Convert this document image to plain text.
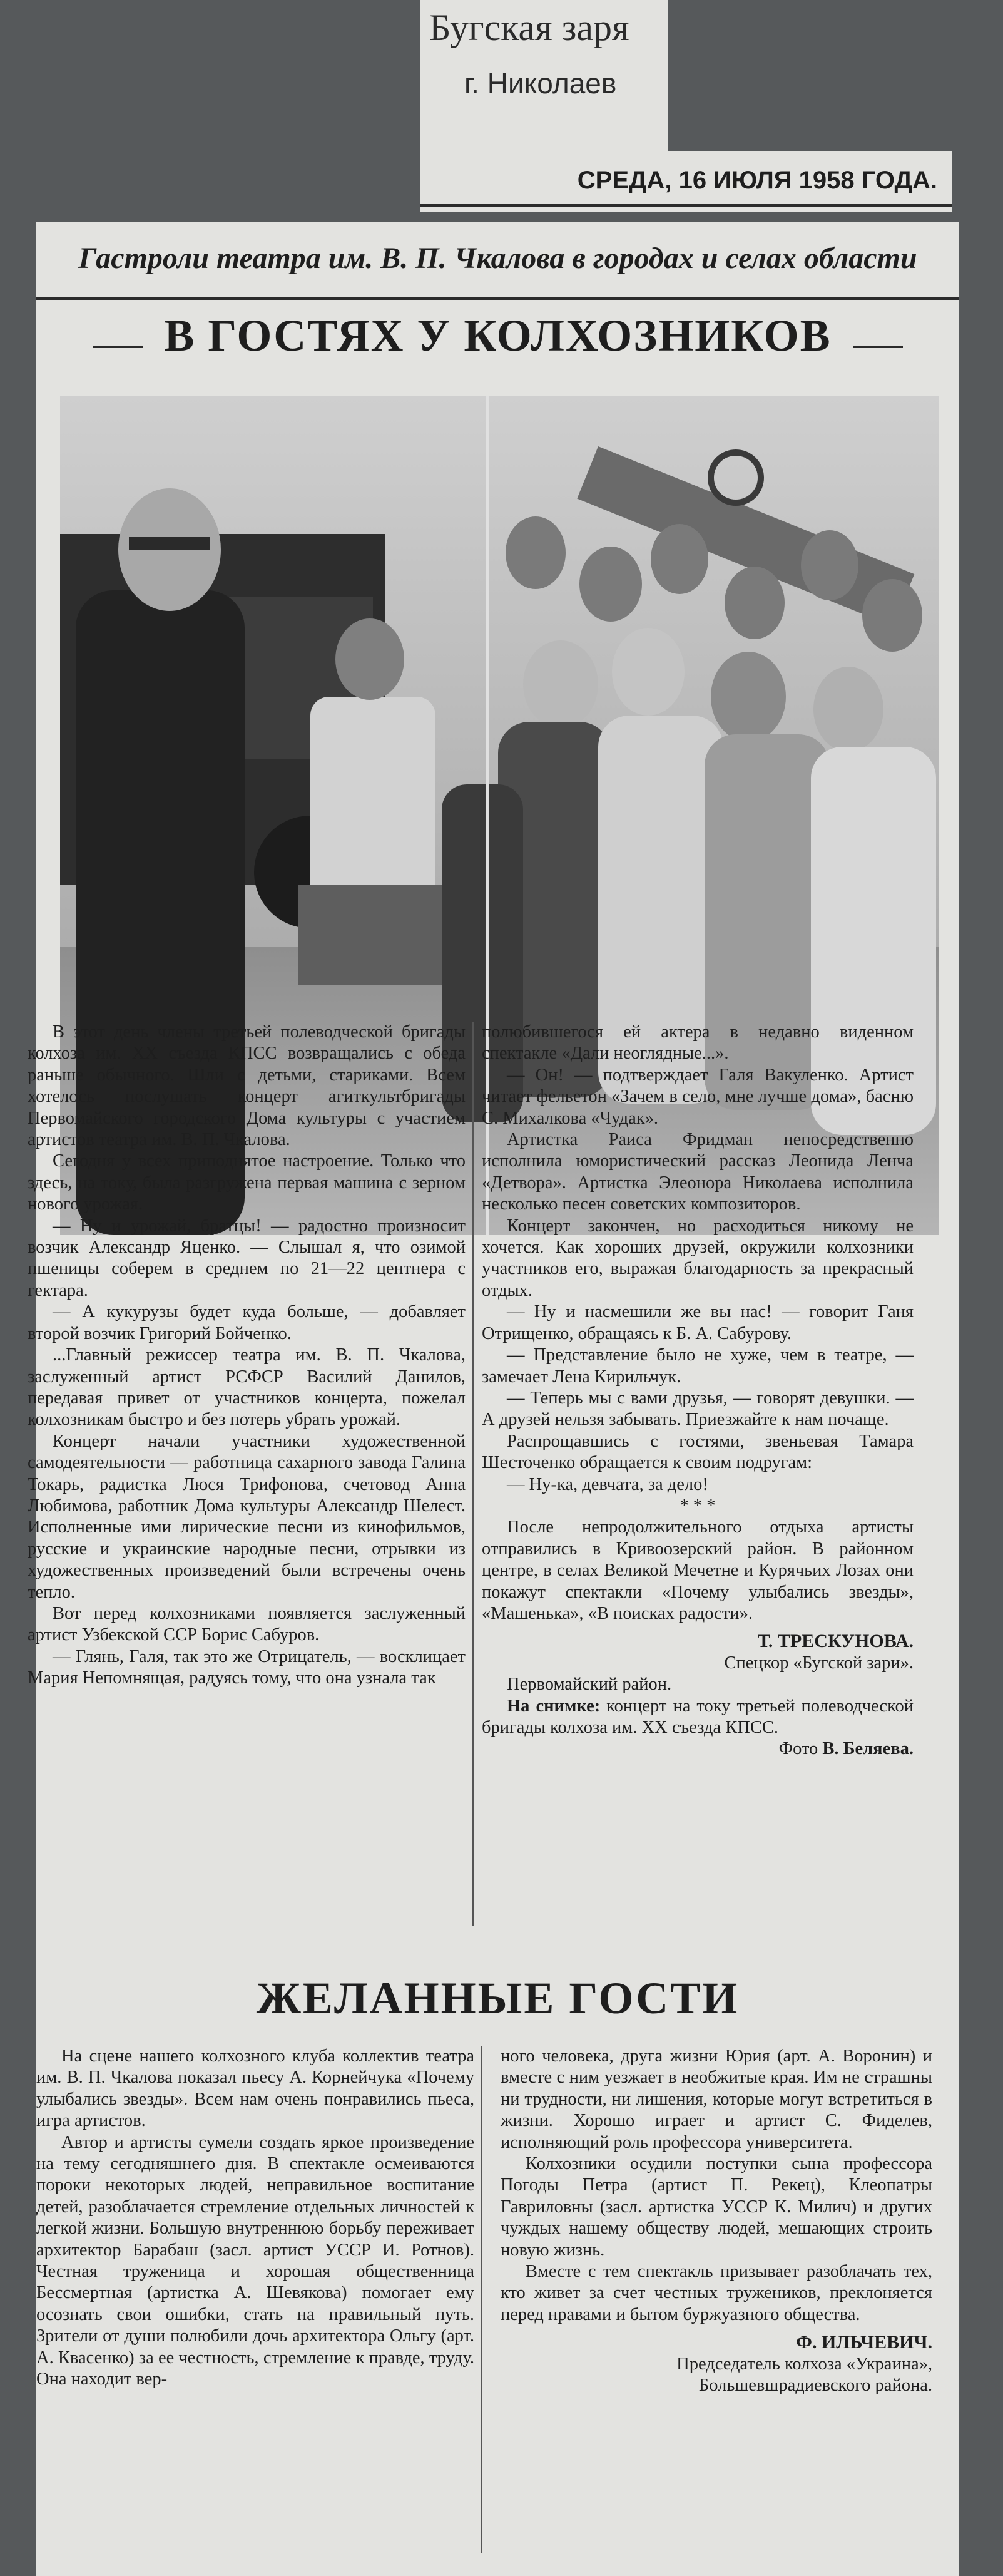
Бугская заря
г. Николаев
СРЕДА, 16 ИЮЛЯ 1958 ГОДА.
Гастроли театра им. В. П. Чкалова в городах и селах области
В ГОСТЯХ У КОЛХОЗНИКОВ

В этот день члены третьей полеводческой бригады колхоза им. ХХ съезда КПСС возвращались с обеда раньше обычного. Шли с детьми, стариками. Всем хотелось послушать концерт агиткультбригады Первомайского городского Дома культуры с участием артистов театра им. В. П. Чкалова.

Сегодня у всех приподнятое настроение. Только что здесь, на току, была разгружена первая машина с зерном нового урожая.

— Ну и урожай, братцы! — радостно произносит возчик Александр Яценко. — Слышал я, что озимой пшеницы соберем в среднем по 21—22 центнера с гектара.

— А кукурузы будет куда больше, — добавляет второй возчик Григорий Бойченко.

...Главный режиссер театра им. В. П. Чкалова, заслуженный артист РСФСР Василий Данилов, передавая привет от участников концерта, пожелал колхозникам быстро и без потерь убрать урожай.

Концерт начали участники художественной самодеятельности — работница сахарного завода Галина Токарь, радистка Люся Трифонова, счетовод Анна Любимова, работник Дома культуры Александр Шелест. Исполненные ими лирические песни из кинофильмов, русские и украинские народные песни, отрывки из художественных произведений были встречены очень тепло.

Вот перед колхозниками появляется заслуженный артист Узбекской ССР Борис Сабуров.

— Глянь, Галя, так это же Отрицатель, — восклицает Мария Непомнящая, радуясь тому, что она узнала так

полюбившегося ей актера в недавно виденном спектакле «Дали неоглядные...».

— Он! — подтверждает Галя Вакуленко. Артист читает фельетон «Зачем в село, мне лучше дома», басню С. Михалкова «Чудак».

Артистка Раиса Фридман непосредственно исполнила юмористический рассказ Леонида Ленча «Детвора». Артистка Элеонора Николаева исполнила несколько песен советских композиторов.

Концерт закончен, но расходиться никому не хочется. Как хороших друзей, окружили колхозники участников его, выражая благодарность за прекрасный отдых.

— Ну и насмешили же вы нас! — говорит Ганя Отрищенко, обращаясь к Б. А. Сабурову.

— Представление было не хуже, чем в театре, — замечает Лена Кирильчук.

— Теперь мы с вами друзья, — говорят девушки. — А друзей нельзя забывать. Приезжайте к нам почаще.

Распрощавшись с гостями, звеньевая Тамара Шесточенко обращается к своим подругам:

— Ну-ка, девчата, за дело!

* * *

После непродолжительного отдыха артисты отправились в Кривоозерский район. В районном центре, в селах Великой Мечетне и Курячьих Лозах они покажут спектакли «Почему улыбались звезды», «Машенька», «В поисках радости».

Т. ТРЕСКУНОВА.

Спецкор «Бугской зари».

Первомайский район.

На снимке: концерт на току третьей полеводческой бригады колхоза им. ХХ съезда КПСС.

Фото В. Беляева.

ЖЕЛАННЫЕ ГОСТИ

На сцене нашего колхозного клуба коллектив театра им. В. П. Чкалова показал пьесу А. Корнейчука «Почему улыбались звезды». Всем нам очень понравились пьеса, игра артистов.

Автор и артисты сумели создать яркое произведение на тему сегодняшнего дня. В спектакле осмеиваются пороки некоторых людей, неправильное воспитание детей, разоблачается стремление отдельных личностей к легкой жизни. Большую внутреннюю борьбу переживает архитектор Барабаш (засл. артист УССР И. Ротнов). Честная труженица и хорошая общественница Бессмертная (артистка А. Шевякова) помогает ему осознать свои ошибки, стать на правильный путь. Зрители от души полюбили дочь архитектора Ольгу (арт. А. Квасенко) за ее честность, стремление к правде, труду. Она находит вер-

ного человека, друга жизни Юрия (арт. А. Воронин) и вместе с ним уезжает в необжитые края. Им не страшны ни трудности, ни лишения, которые могут встретиться в жизни. Хорошо играет и артист С. Фиделев, исполняющий роль профессора университета.

Колхозники осудили поступки сына профессора Погоды Петра (артист П. Рекец), Клеопатры Гавриловны (засл. артистка УССР К. Милич) и других чуждых нашему обществу людей, мешающих строить новую жизнь.

Вместе с тем спектакль призывает разоблачать тех, кто живет за счет честных тружеников, преклоняется перед нравами и бытом буржуазного общества.

Ф. ИЛЬЧЕВИЧ.

Председатель колхоза «Украина», Большевшрадиевского района.
